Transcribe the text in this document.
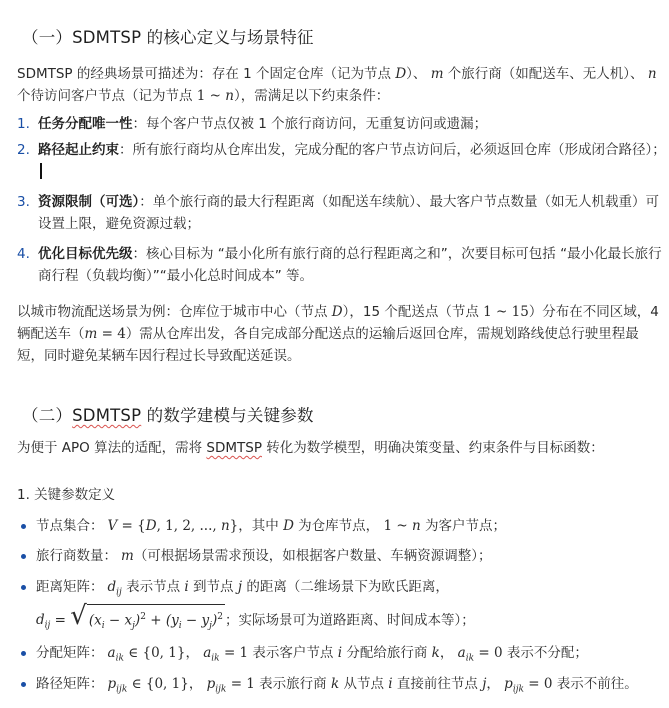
（一）SDMTSP 的核心定义与场景特征
SDMTSP 的经典场景可描述为：存在 1 个固定仓库（记为节点 D）、 m 个旅行商（如配送车、无人机）、 n 个待访问客户节点（记为节点 1 ~ n），需满足以下约束条件：
1. 任务分配唯一性：每个客户节点仅被 1 个旅行商访问，无重复访问或遗漏；
2. 路径起止约束：所有旅行商均从仓库出发，完成分配的客户节点访问后，必须返回仓库（形成闭合路径）；
3. 资源限制（可选）：单个旅行商的最大行程距离（如配送车续航）、最大客户节点数量（如无人机载重）可设置上限，避免资源过载；
4. 优化目标优先级：核心目标为 “最小化所有旅行商的总行程距离之和”，次要目标可包括 “最小化最长旅行商行程（负载均衡）”“最小化总时间成本” 等。
以城市物流配送场景为例：仓库位于城市中心（节点 D），15 个配送点（节点 1 ~ 15）分布在不同区域，4 辆配送车（m = 4）需从仓库出发，各自完成部分配送点的运输后返回仓库，需规划路线使总行驶里程最短，同时避免某辆车因行程过长导致配送延误。
（二）SDMTSP 的数学建模与关键参数
为便于 APO 算法的适配，需将 SDMTSP 转化为数学模型，明确决策变量、约束条件与目标函数：
1. 关键参数定义
节点集合： V = {D, 1, 2, ..., n}，其中 D 为仓库节点， 1 ~ n 为客户节点；
旅行商数量： m（可根据场景需求预设，如根据客户数量、车辆资源调整）；
距离矩阵： $d_{ij}$ 表示节点 i 到节点 j 的距离（二维场景下为欧氏距离，
$d_{ij}$ = √ $(x_i - x_j)^2 + (y_i - y_j)^2$ ；实际场景可为道路距离、时间成本等）；
分配矩阵： $a_{ik}$ ∈ {0, 1}， $a_{ik} = 1$ 表示客户节点 i 分配给旅行商 k， $a_{ik} = 0$ 表示不分配；
路径矩阵： $p_{ijk}$ ∈ {0, 1}， $p_{ijk} = 1$ 表示旅行商 k 从节点 i 直接前往节点 j， $p_{ijk} = 0$ 表示不前往。
